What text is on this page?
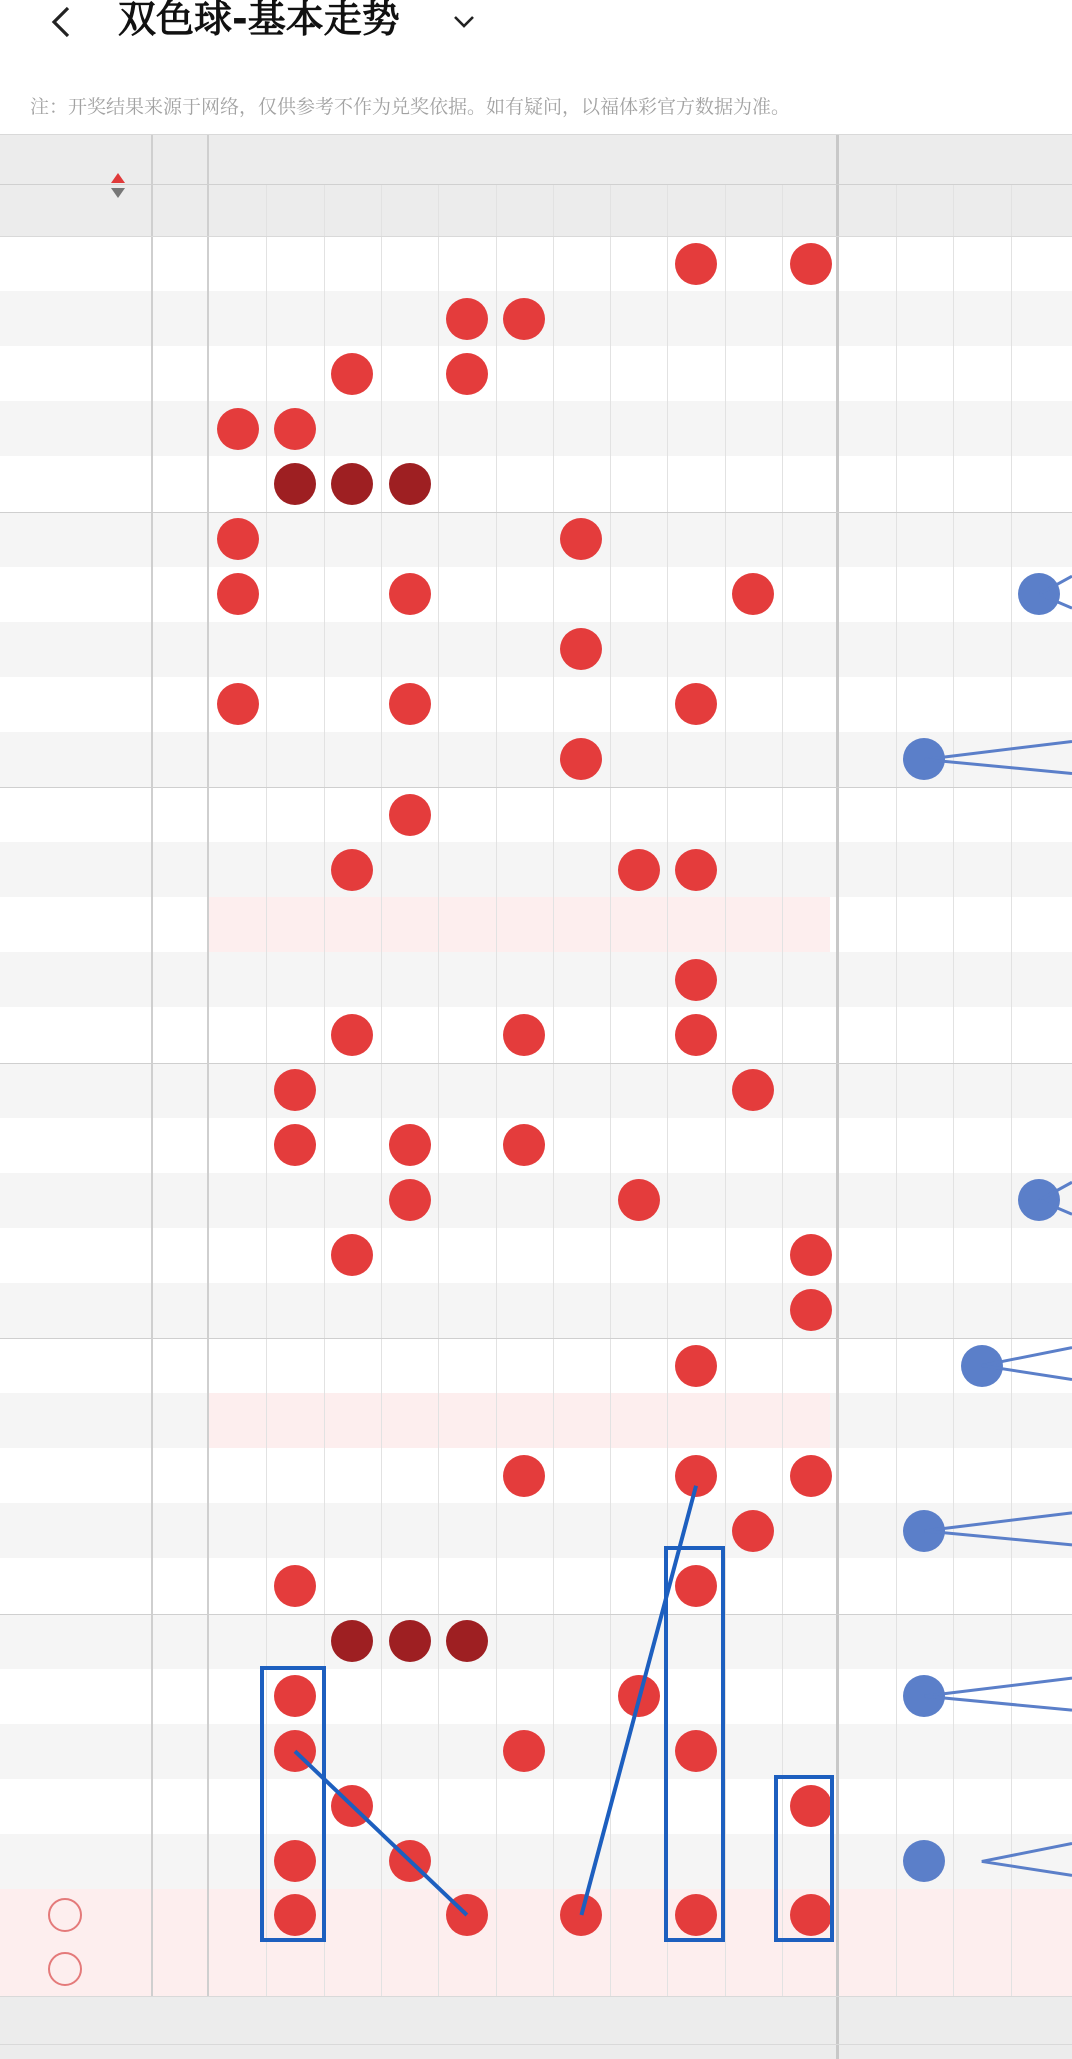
双色球-基本走势
注：开奖结果来源于网络，仅供参考不作为兑奖依据。如有疑问，以福体彩官方数据为准。
